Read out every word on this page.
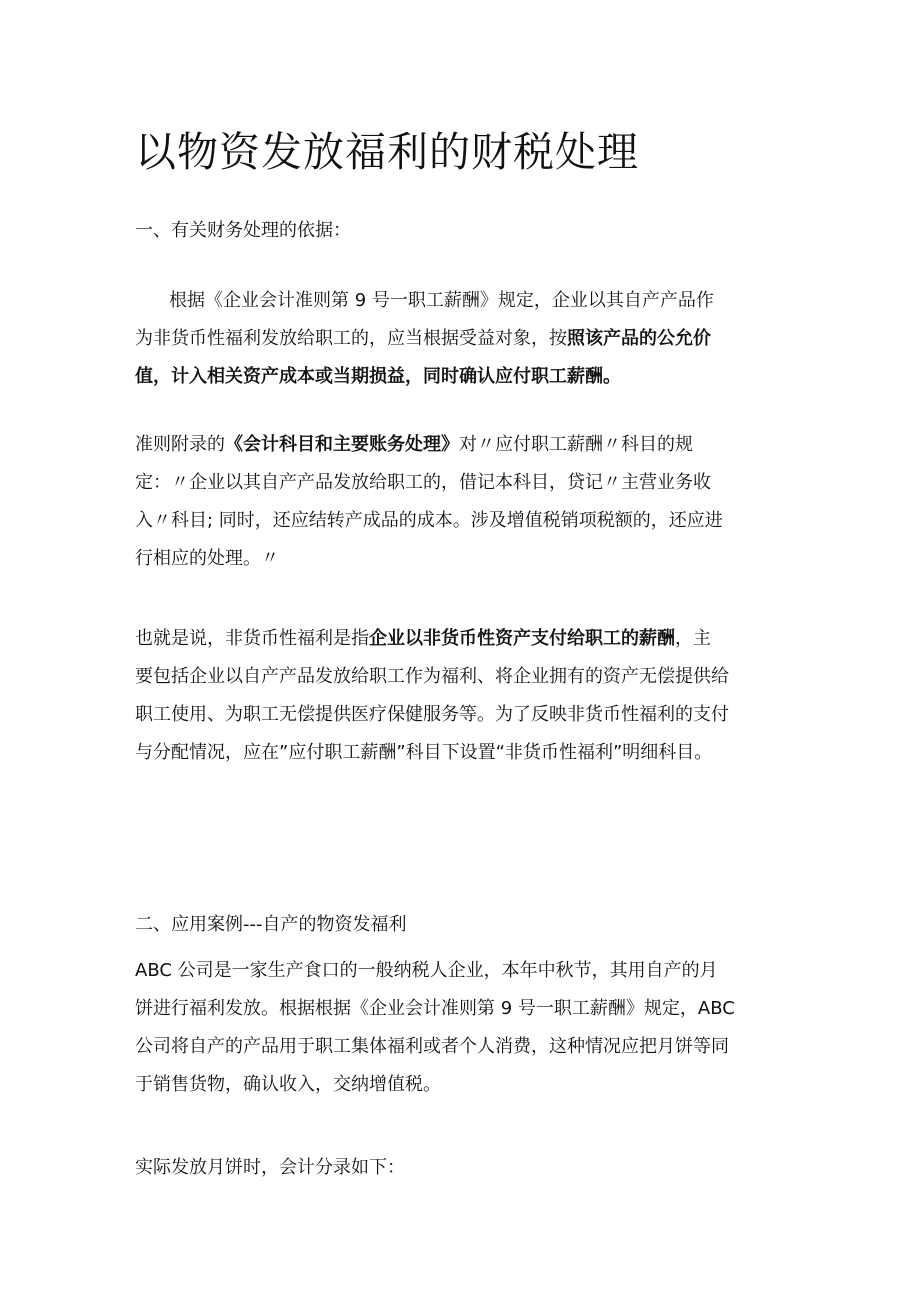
以物资发放福利的财税处理
一、有关财务处理的依据：
根据《企业会计准则第 9 号一职工薪酬》规定，企业以其自产产品作
为非货币性福利发放给职工的，应当根据受益对象，按照该产品的公允价
值，计入相关资产成本或当期损益，同时确认应付职工薪酬。
准则附录的《会计科目和主要账务处理》对〃应付职工薪酬〃科目的规
定：〃企业以其自产产品发放给职工的，借记本科目，贷记〃主营业务收
入〃科目; 同时，还应结转产成品的成本。涉及增值税销项税额的，还应进
行相应的处理。〃
也就是说，非货币性福利是指企业以非货币性资产支付给职工的薪酬，主
要包括企业以自产产品发放给职工作为福利、将企业拥有的资产无偿提供给
职工使用、为职工无偿提供医疗保健服务等。为了反映非货币性福利的支付
与分配情况，应在”应付职工薪酬”科目下设置“非货币性福利”明细科目。
二、应用案例---自产的物资发福利
ABC 公司是一家生产食口的一般纳税人企业，本年中秋节，其用自产的月
饼进行福利发放。根据根据《企业会计准则第 9 号一职工薪酬》规定，ABC
公司将自产的产品用于职工集体福利或者个人消费，这种情况应把月饼等同
于销售货物，确认收入，交纳增值税。
实际发放月饼时，会计分录如下：
